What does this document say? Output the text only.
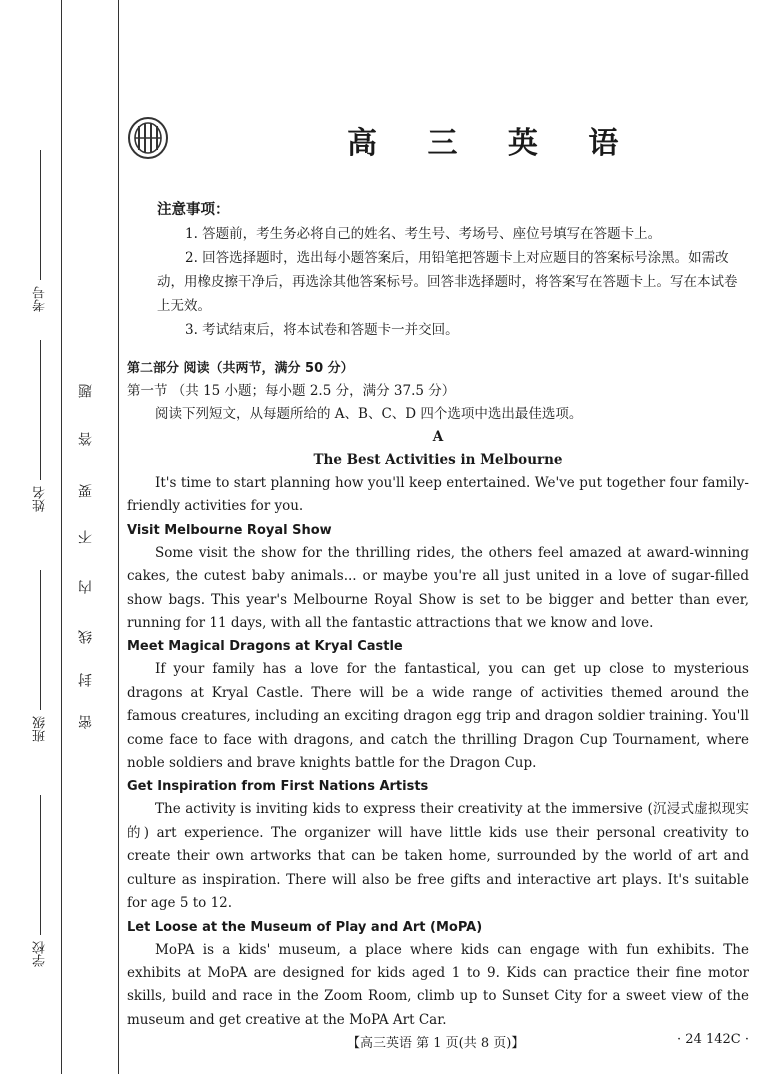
考号
姓名
班级
学校
密
封
线
内
不
要
答
题
高 三 英 语
注意事项：

1. 答题前，考生务必将自己的姓名、考生号、考场号、座位号填写在答题卡上。

2. 回答选择题时，选出每小题答案后，用铅笔把答题卡上对应题目的答案标号涂黑。如需改动，用橡皮擦干净后，再选涂其他答案标号。回答非选择题时，将答案写在答题卡上。写在本试卷上无效。

3. 考试结束后，将本试卷和答题卡一并交回。

第二部分 阅读（共两节，满分 50 分）

第一节 （共 15 小题；每小题 2.5 分，满分 37.5 分）

阅读下列短文，从每题所给的 A、B、C、D 四个选项中选出最佳选项。

A

The Best Activities in Melbourne

It's time to start planning how you'll keep entertained. We've put together four family-friendly activities for you.

Visit Melbourne Royal Show

Some visit the show for the thrilling rides, the others feel amazed at award-winning cakes, the cutest baby animals... or maybe you're all just united in a love of sugar-filled show bags. This year's Melbourne Royal Show is set to be bigger and better than ever, running for 11 days, with all the fantastic attractions that we know and love.

Meet Magical Dragons at Kryal Castle

If your family has a love for the fantastical, you can get up close to mysterious dragons at Kryal Castle. There will be a wide range of activities themed around the famous creatures, including an exciting dragon egg trip and dragon soldier training. You'll come face to face with dragons, and catch the thrilling Dragon Cup Tournament, where noble soldiers and brave knights battle for the Dragon Cup.

Get Inspiration from First Nations Artists

The activity is inviting kids to express their creativity at the immersive (沉浸式虚拟现实的) art experience. The organizer will have little kids use their personal creativity to create their own artworks that can be taken home, surrounded by the world of art and culture as inspiration. There will also be free gifts and interactive art plays. It's suitable for age 5 to 12.

Let Loose at the Museum of Play and Art (MoPA)

MoPA is a kids' museum, a place where kids can engage with fun exhibits. The exhibits at MoPA are designed for kids aged 1 to 9. Kids can practice their fine motor skills, build and race in the Zoom Room, climb up to Sunset City for a sweet view of the museum and get creative at the MoPA Art Car.

【高三英语 第 1 页(共 8 页)】	· 24 142C ·
